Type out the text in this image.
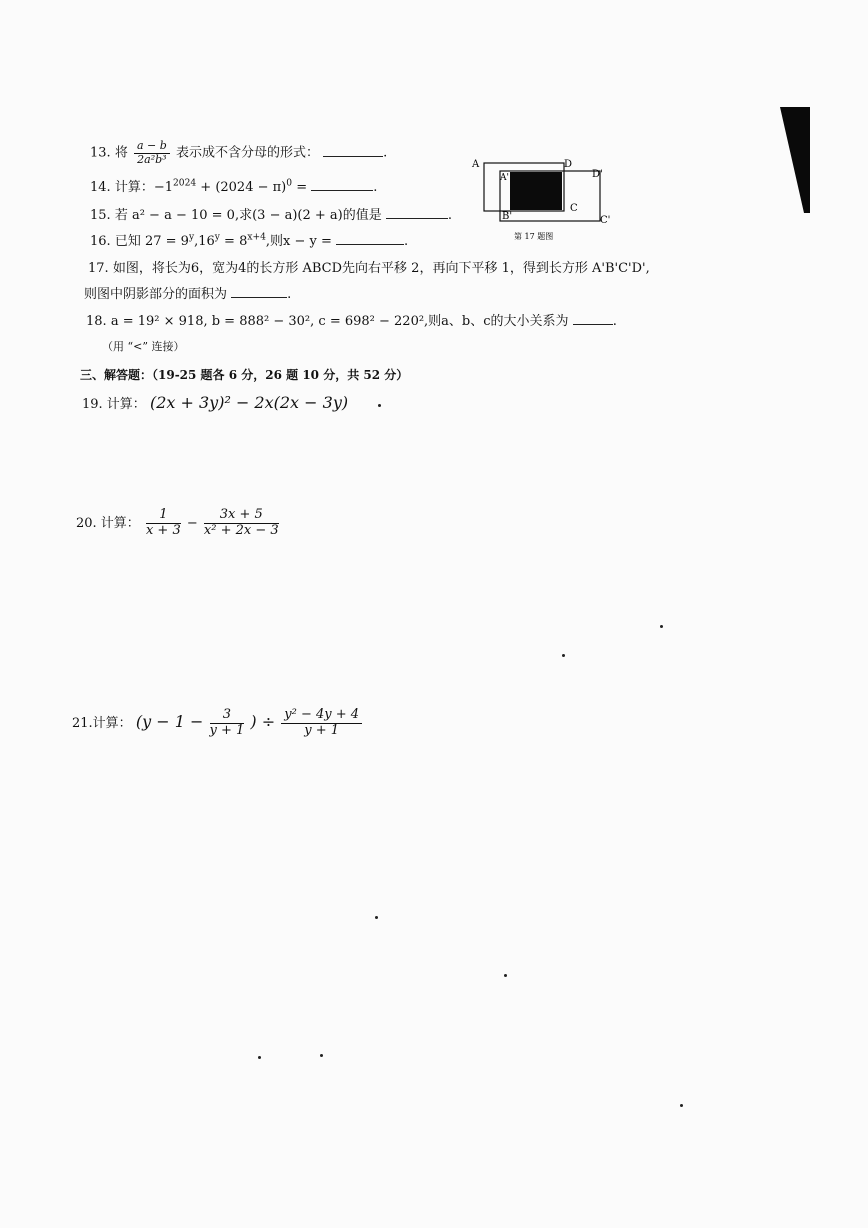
13. 将 $\frac{a - b}{\text{2a²b³}}$ 表示成不含分母的形式：	.
14. 计算：$-1^{2024} + (2024 - \pi)^0$ =	.
15. 若 a² − a − 10 = 0,求(3 − a)(2 + a)的值是	.
16. 已知 $27 = 9^y,16^y = 8^{x+4}$,则x − y =	.
A	D
A'	D'
B'
C
C'
第 17 题图
17. 如图，将长为6，宽为4的长方形 ABCD先向右平移 2，再向下平移 1，得到长方形 A'B'C'D',
则图中阴影部分的面积为	.
18. a = 19² × 918, b = 888² − 30², c = 698² − 220²,则a、b、c的大小关系为	.
（用 “<” 连接）
三、解答题：（19-25 题各 6 分，26 题 10 分，共 52 分）
19. 计算： (2x + 3y)² − 2x(2x − 3y)
20. 计算： $\frac{1}{x + 3} - \frac{3x + 5}{\text{x² + 2x − 3}}$
21.计算： ($y - 1 - \frac{3}{y + 1}$ ) ÷ $\frac{\text{y² − 4y + 4}}{y + 1}$
